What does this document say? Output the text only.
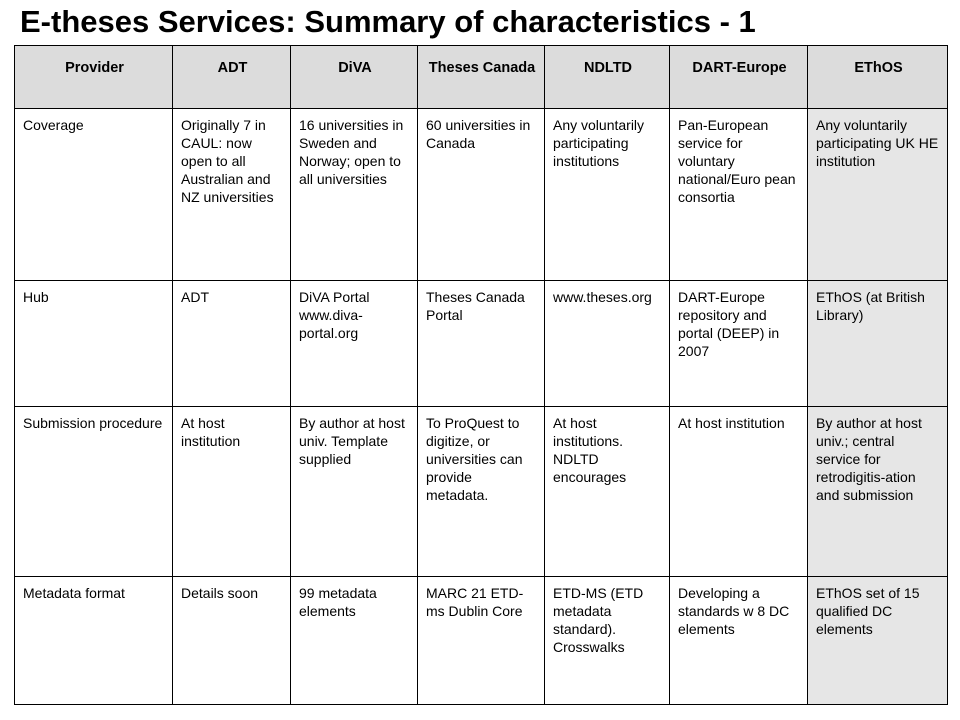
E-theses Services: Summary of characteristics - 1
Provider	ADT	DiVA	Theses Canada	NDLTD	DART-Europe	EThOS
Coverage	Originally 7 in CAUL: now open to all Australian and NZ universities	16 universities in Sweden and Norway; open to all universities	60 universities in Canada	Any voluntarily participating institutions	Pan-European service for voluntary national/Euro pean consortia	Any voluntarily participating UK HE institution
Hub	ADT	DiVA Portal www.diva-portal.org	Theses Canada Portal	www.theses.org	DART-Europe repository and portal (DEEP) in 2007	EThOS (at British Library)
Submission procedure	At host institution	By author at host univ. Template supplied	To ProQuest to digitize, or universities can provide metadata.	At host institutions. NDLTD encourages	At host institution	By author at host univ.; central service for retrodigitis-ation and submission
Metadata format	Details soon	99 metadata elements	MARC 21 ETD-ms Dublin Core	ETD-MS (ETD metadata standard). Crosswalks	Developing a standards w 8 DC elements	EThOS set of 15 qualified DC elements
